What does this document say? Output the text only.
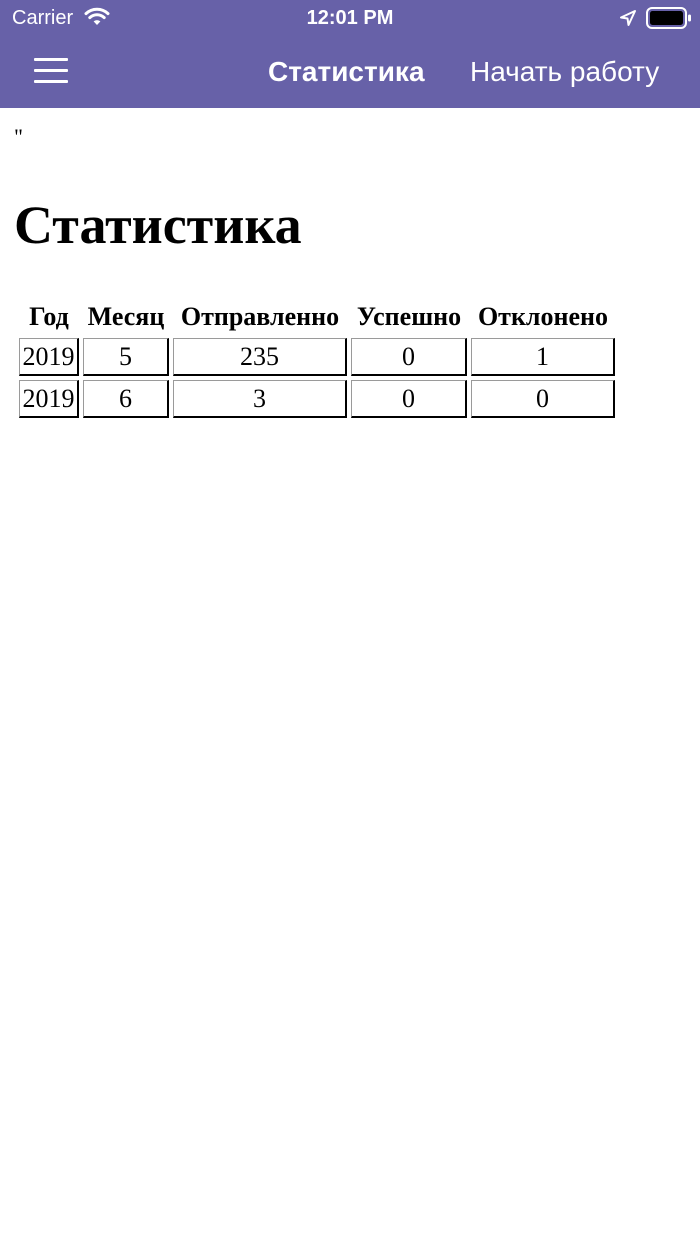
Carrier	12:01 PM
Статистика Начать работу
"
Статистика
Год	Месяц	Отправленно	Успешно	Отклонено
2019	5	235	0	1
2019	6	3	0	0
